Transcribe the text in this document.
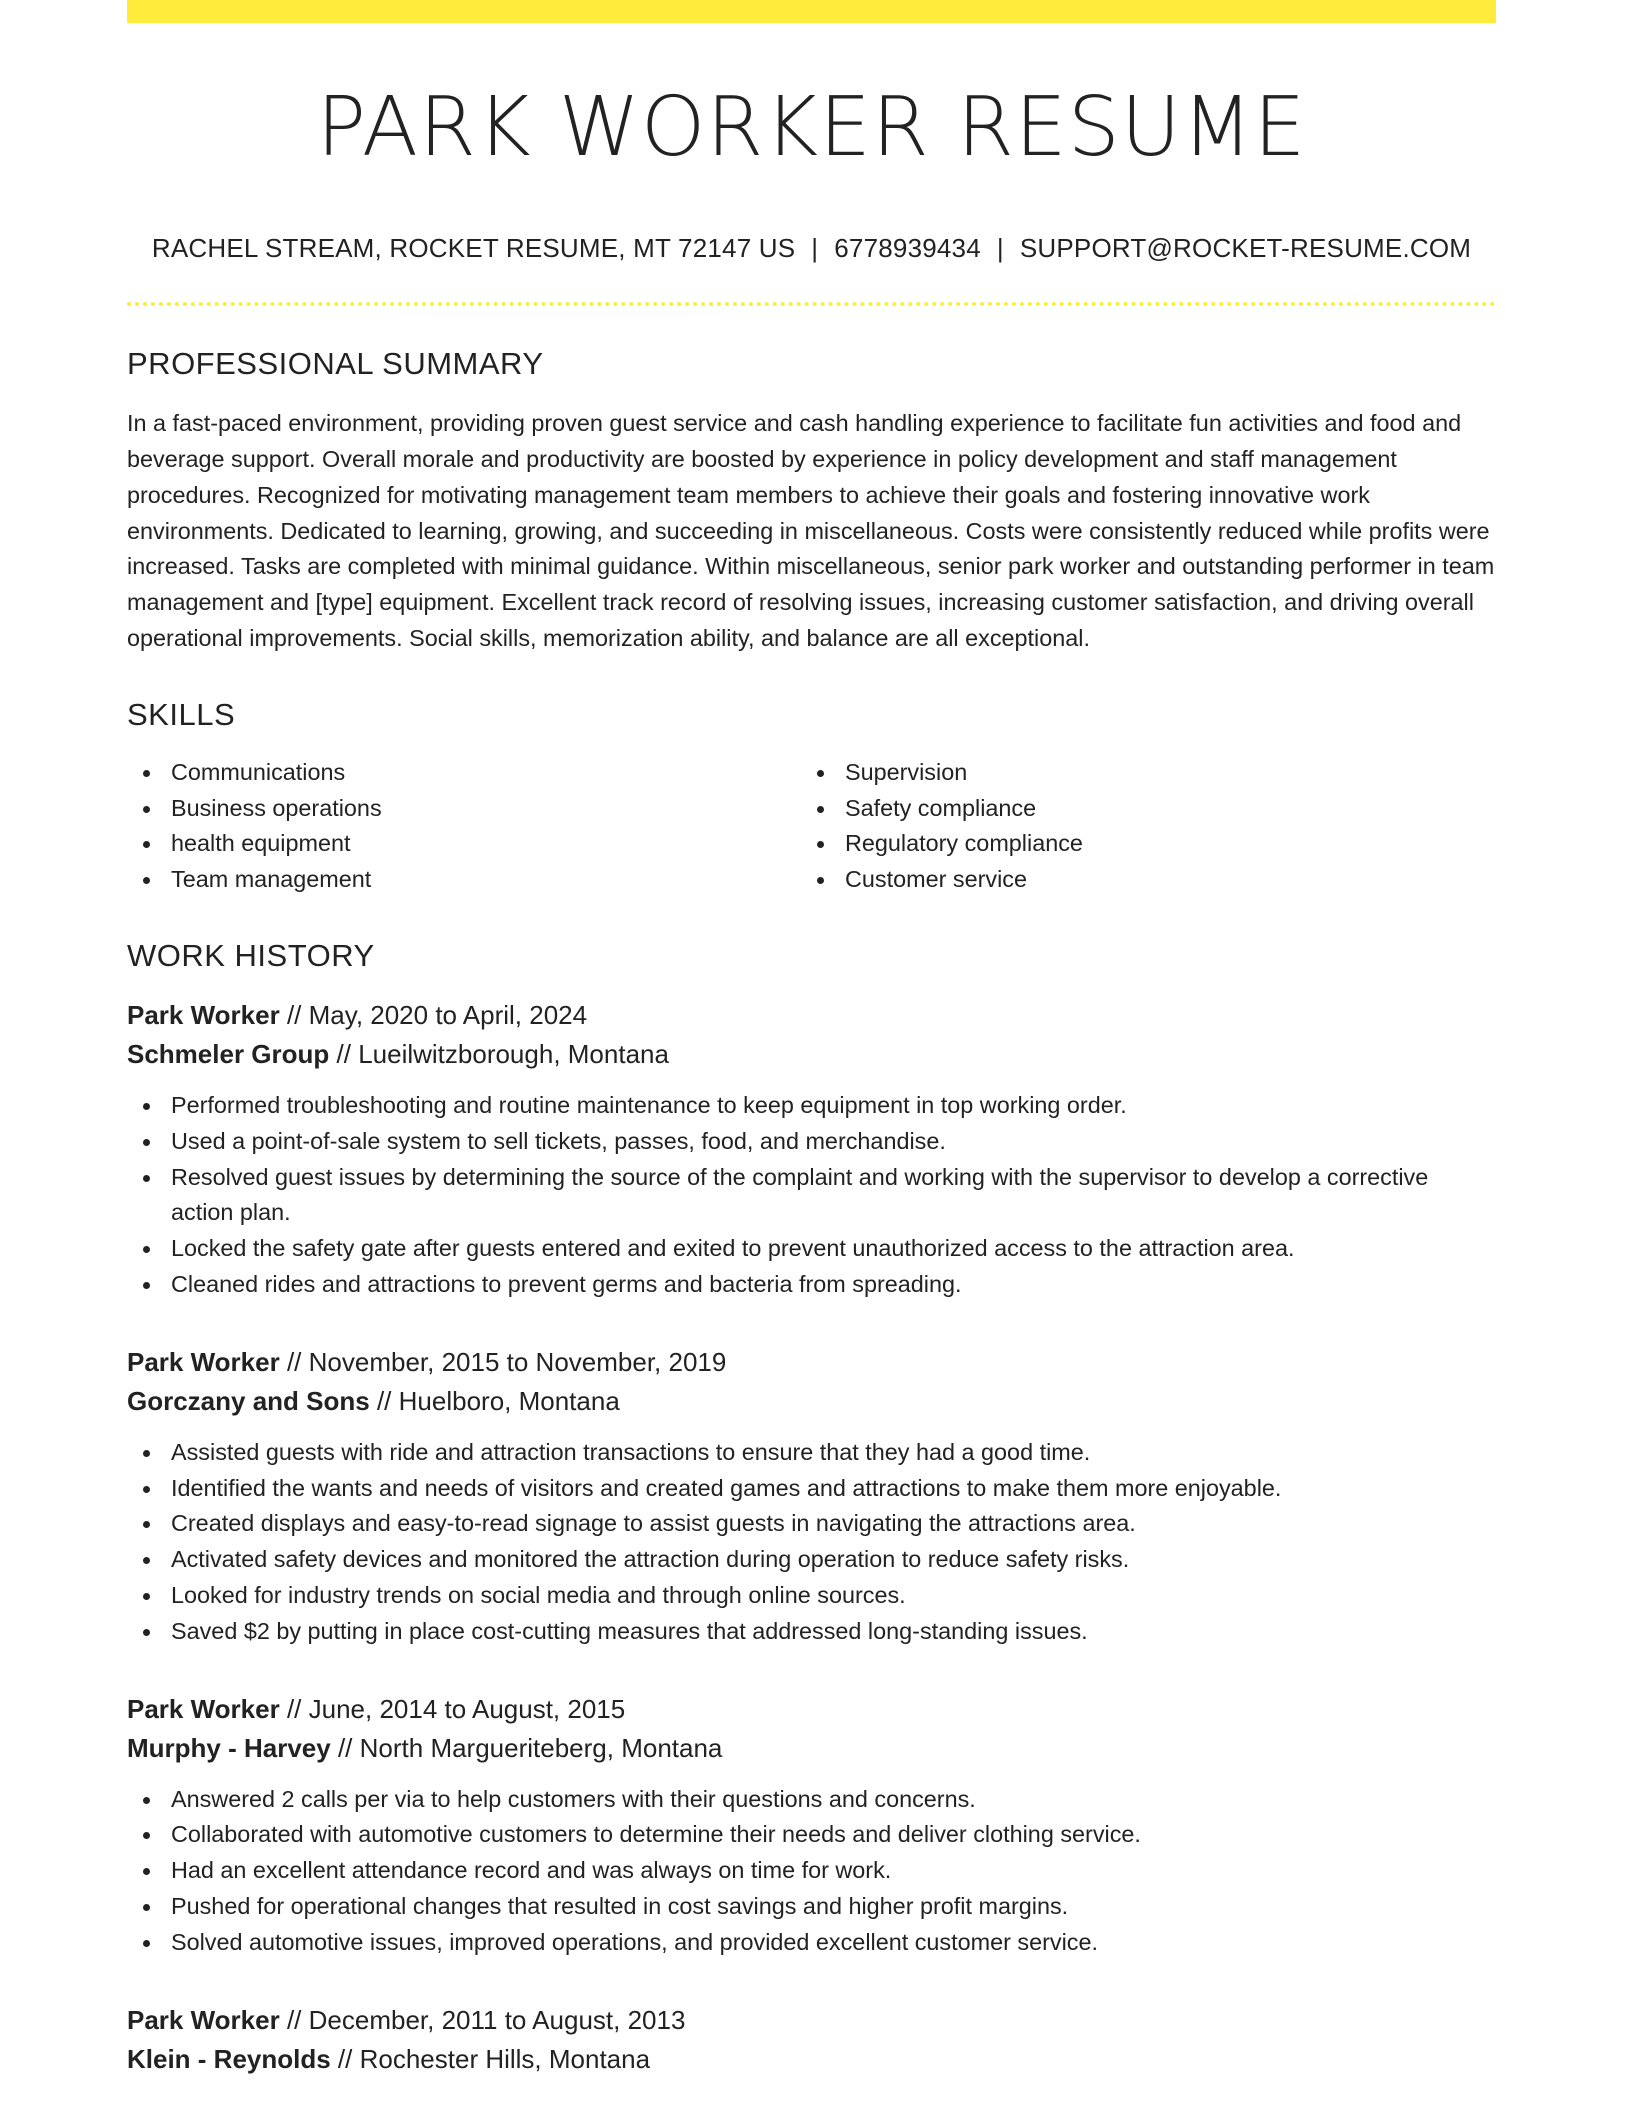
PARK WORKER RESUME
RACHEL STREAM, ROCKET RESUME, MT 72147 US | 6778939434 | SUPPORT@ROCKET-RESUME.COM
PROFESSIONAL SUMMARY

In a fast-paced environment, providing proven guest service and cash handling experience to facilitate fun activities and food and beverage support. Overall morale and productivity are boosted by experience in policy development and staff management procedures. Recognized for motivating management team members to achieve their goals and fostering innovative work environments. Dedicated to learning, growing, and succeeding in miscellaneous. Costs were consistently reduced while profits were increased. Tasks are completed with minimal guidance. Within miscellaneous, senior park worker and outstanding performer in team management and [type] equipment. Excellent track record of resolving issues, increasing customer satisfaction, and driving overall operational improvements. Social skills, memorization ability, and balance are all exceptional.

SKILLS
Communications
Business operations
health equipment
Team management
Supervision
Safety compliance
Regulatory compliance
Customer service
WORK HISTORY
Park Worker // May, 2020 to April, 2024
Schmeler Group // Lueilwitzborough, Montana
Performed troubleshooting and routine maintenance to keep equipment in top working order.
Used a point-of-sale system to sell tickets, passes, food, and merchandise.
Resolved guest issues by determining the source of the complaint and working with the supervisor to develop a corrective action plan.
Locked the safety gate after guests entered and exited to prevent unauthorized access to the attraction area.
Cleaned rides and attractions to prevent germs and bacteria from spreading.
Park Worker // November, 2015 to November, 2019
Gorczany and Sons // Huelboro, Montana
Assisted guests with ride and attraction transactions to ensure that they had a good time.
Identified the wants and needs of visitors and created games and attractions to make them more enjoyable.
Created displays and easy-to-read signage to assist guests in navigating the attractions area.
Activated safety devices and monitored the attraction during operation to reduce safety risks.
Looked for industry trends on social media and through online sources.
Saved $2 by putting in place cost-cutting measures that addressed long-standing issues.
Park Worker // June, 2014 to August, 2015
Murphy - Harvey // North Margueriteberg, Montana
Answered 2 calls per via to help customers with their questions and concerns.
Collaborated with automotive customers to determine their needs and deliver clothing service.
Had an excellent attendance record and was always on time for work.
Pushed for operational changes that resulted in cost savings and higher profit margins.
Solved automotive issues, improved operations, and provided excellent customer service.
Park Worker // December, 2011 to August, 2013
Klein - Reynolds // Rochester Hills, Montana
